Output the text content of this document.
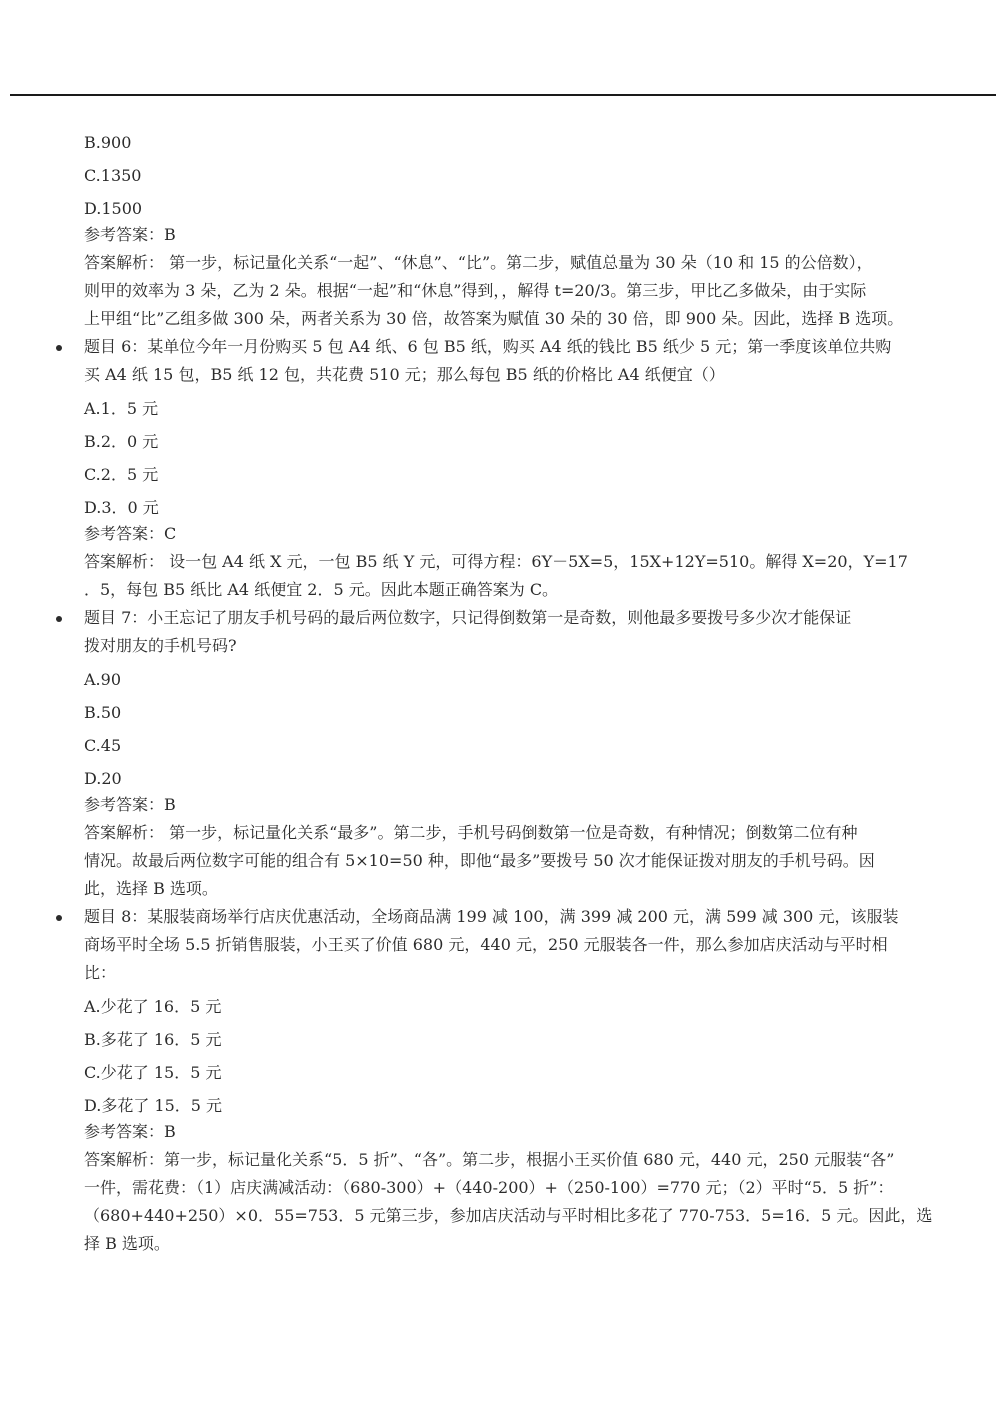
B.900
C.1350
D.1500
参考答案：B
答案解析： 第一步，标记量化关系“一起”、“休息”、“比”。第二步，赋值总量为 30 朵（10 和 15 的公倍数），
则甲的效率为 3 朵，乙为 2 朵。根据“一起”和“休息”得到，，解得 t=20/3。第三步，甲比乙多做朵，由于实际
上甲组“比”乙组多做 300 朵，两者关系为 30 倍，故答案为赋值 30 朵的 30 倍，即 900 朵。因此，选择 B 选项。
题目 6：某单位今年一月份购买 5 包 A4 纸、6 包 B5 纸，购买 A4 纸的钱比 B5 纸少 5 元；第一季度该单位共购
买 A4 纸 15 包，B5 纸 12 包，共花费 510 元；那么每包 B5 纸的价格比 A4 纸便宜（）
A.1．5 元
B.2．0 元
C.2．5 元
D.3．0 元
参考答案：C
答案解析： 设一包 A4 纸 X 元，一包 B5 纸 Y 元，可得方程：6Y－5X=5，15X+12Y=510。解得 X=20，Y=17
．5，每包 B5 纸比 A4 纸便宜 2．5 元。因此本题正确答案为 C。
题目 7：小王忘记了朋友手机号码的最后两位数字，只记得倒数第一是奇数，则他最多要拨号多少次才能保证
拨对朋友的手机号码?
A.90
B.50
C.45
D.20
参考答案：B
答案解析： 第一步，标记量化关系“最多”。第二步，手机号码倒数第一位是奇数，有种情况；倒数第二位有种
情况。故最后两位数字可能的组合有 5×10=50 种，即他“最多”要拨号 50 次才能保证拨对朋友的手机号码。因
此，选择 B 选项。
题目 8：某服装商场举行店庆优惠活动，全场商品满 199 减 100，满 399 减 200 元，满 599 减 300 元，该服装
商场平时全场 5.5 折销售服装，小王买了价值 680 元，440 元，250 元服装各一件，那么参加店庆活动与平时相
比：
A.少花了 16．5 元
B.多花了 16．5 元
C.少花了 15．5 元
D.多花了 15．5 元
参考答案：B
答案解析：第一步，标记量化关系“5．5 折”、“各”。第二步，根据小王买价值 680 元，440 元，250 元服装“各”
一件，需花费：（1）店庆满减活动：（680-300）+（440-200）+（250-100）=770 元；（2）平时“5．5 折”：
（680+440+250）×0．55=753．5 元第三步，参加店庆活动与平时相比多花了 770-753．5=16．5 元。因此，选
择 B 选项。
